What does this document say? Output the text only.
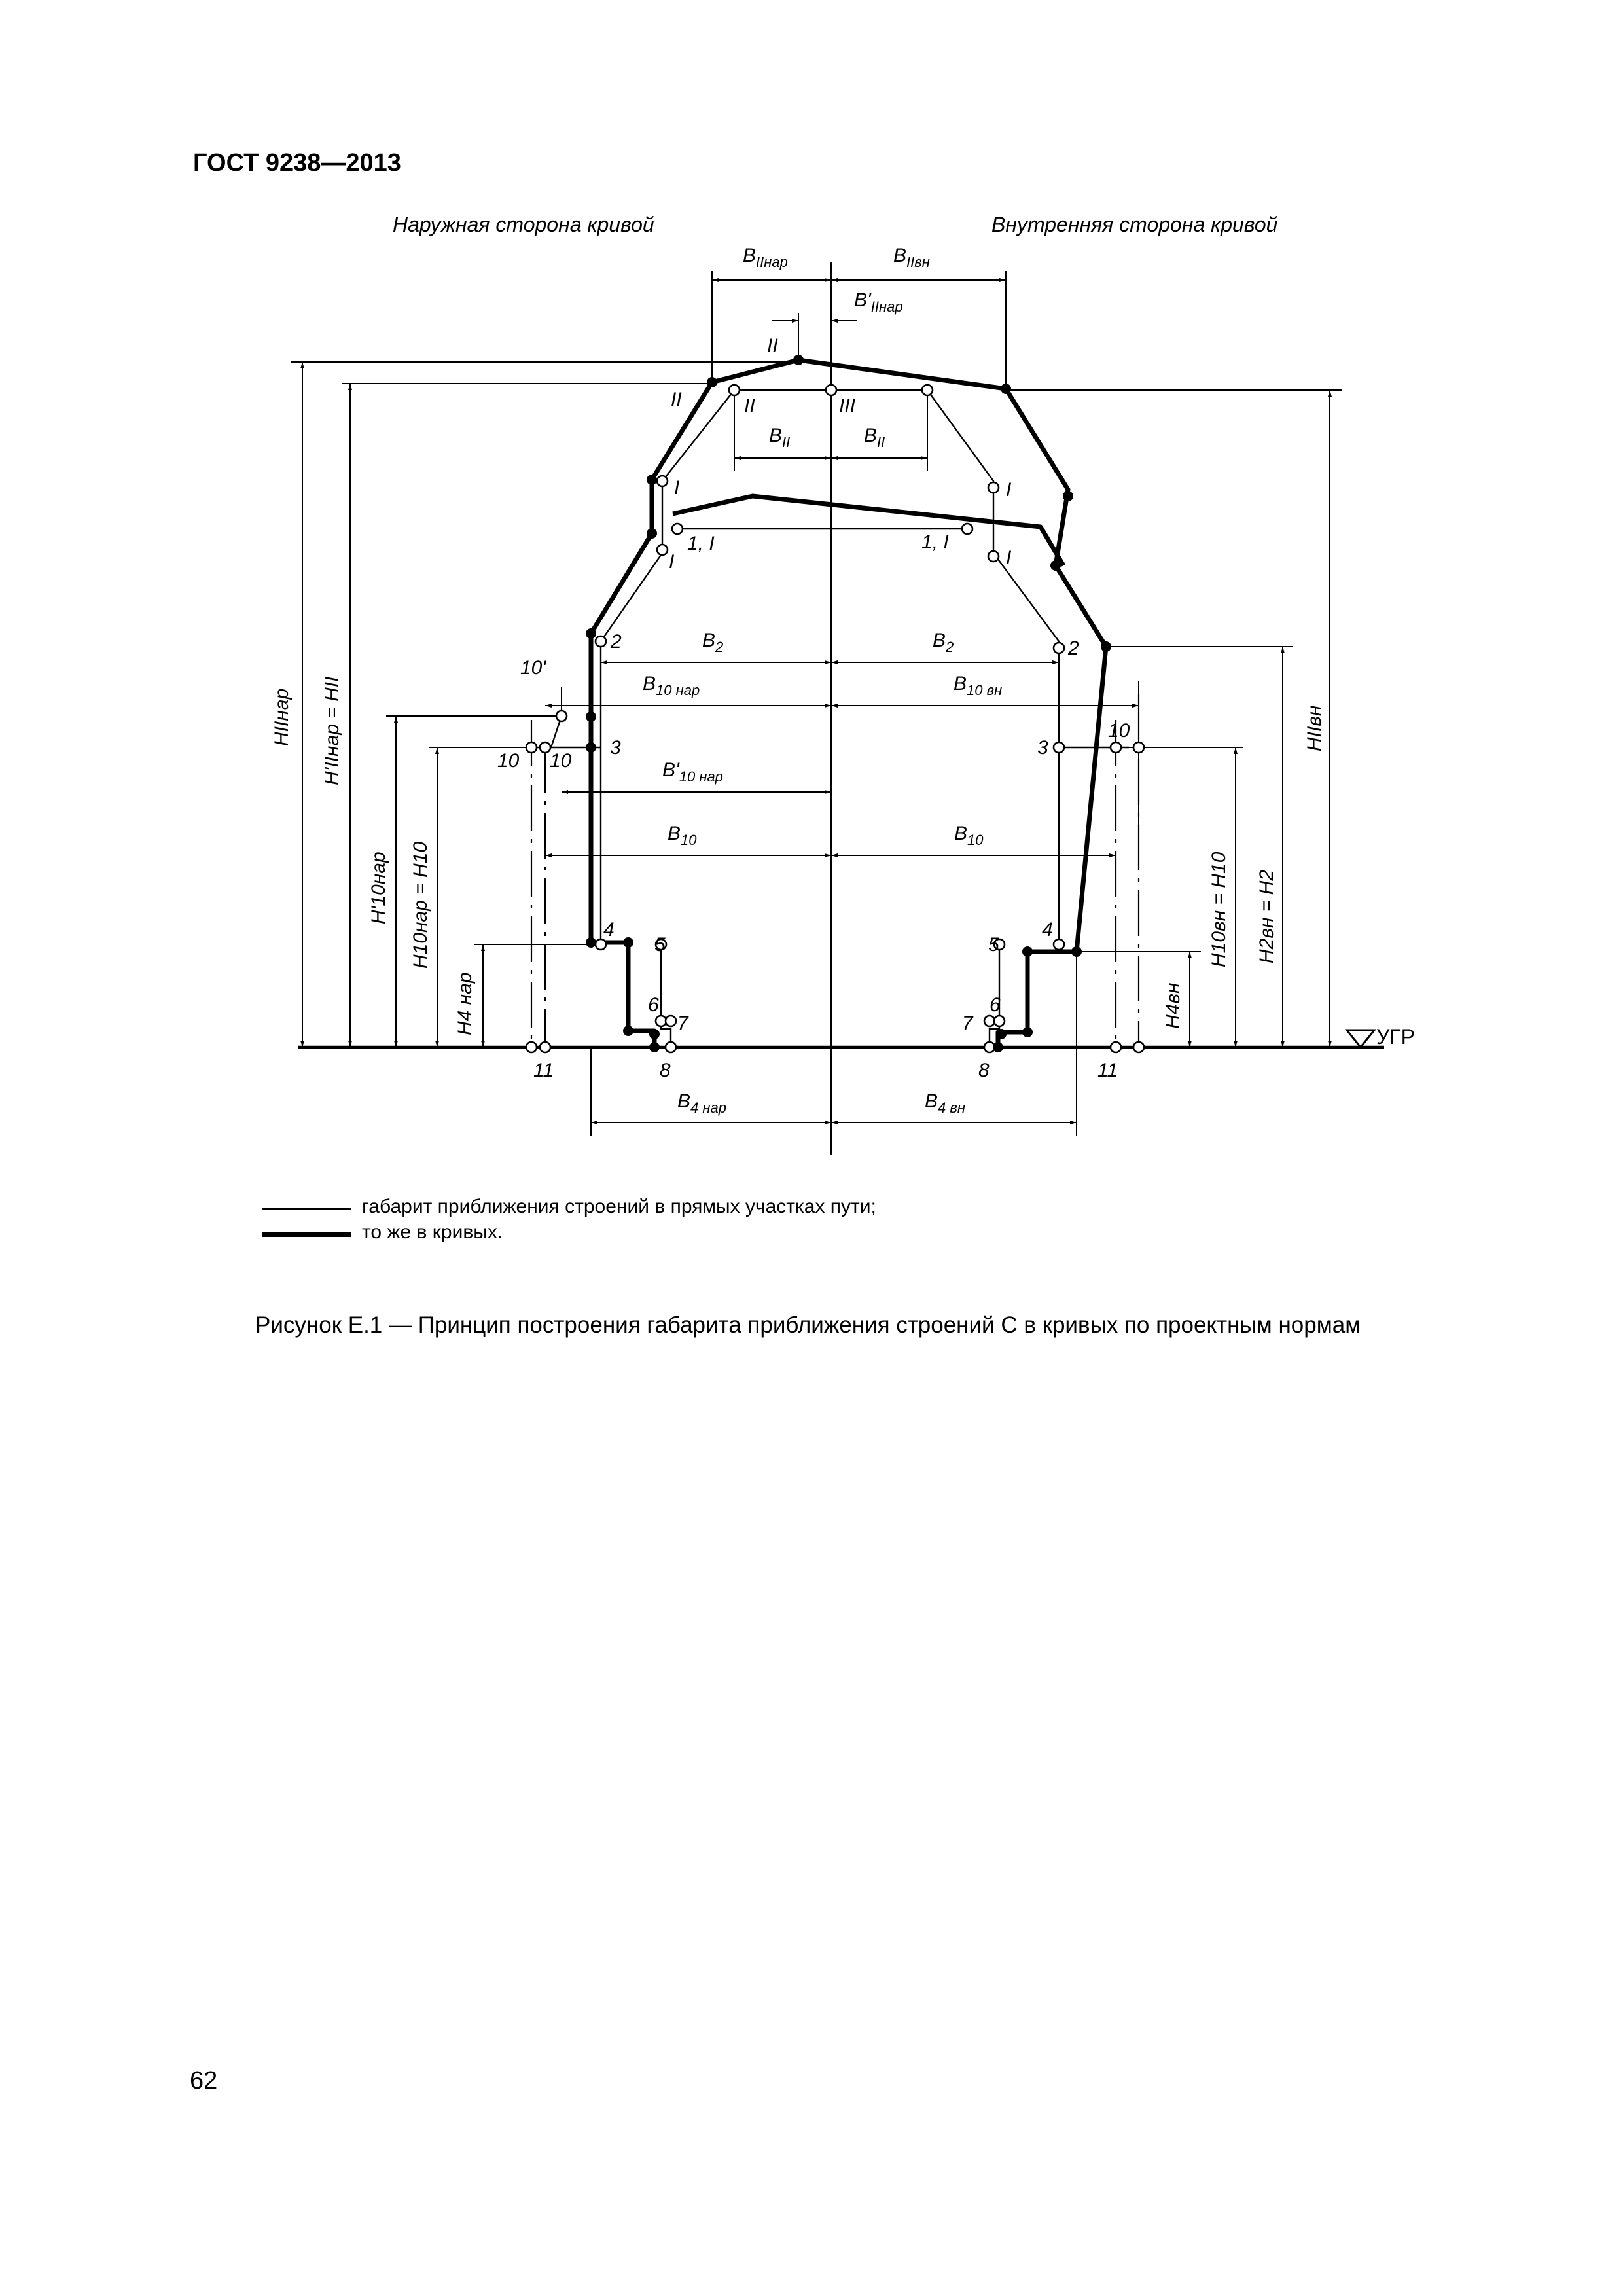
ГОСТ 9238—2013
Наружная сторона кривой	Внутренняя сторона кривой
УГР
$B_{IIнар}$	$B_{IIвн}$
$B'_{IIнар}$
$B_{II}$	$B_{II}$
$B_2$	$B_2$
$B_{10 нар}$	$B_{10 вн}$
$B'_{10 нар}$
$B_{10}$	$B_{10}$
$B_{4 нар}$	$B_{4 вн}$
HIIнар H'IIнар = HII
H'10нар H10нар = H10
H4 нар
HIIвн
H2вн = H2
H10вн = H10
H4вн
II
II	II	III
I
1, I
I
1, I
I
I
2	2
10'
10 10
10
3	3
4	4
5	5
6	6
7	7
8	8
11	11
габарит приближения строений в прямых участках пути;
то же в кривых.
Рисунок Е.1 — Принцип построения габарита приближения строений C в кривых по проектным нормам
62
